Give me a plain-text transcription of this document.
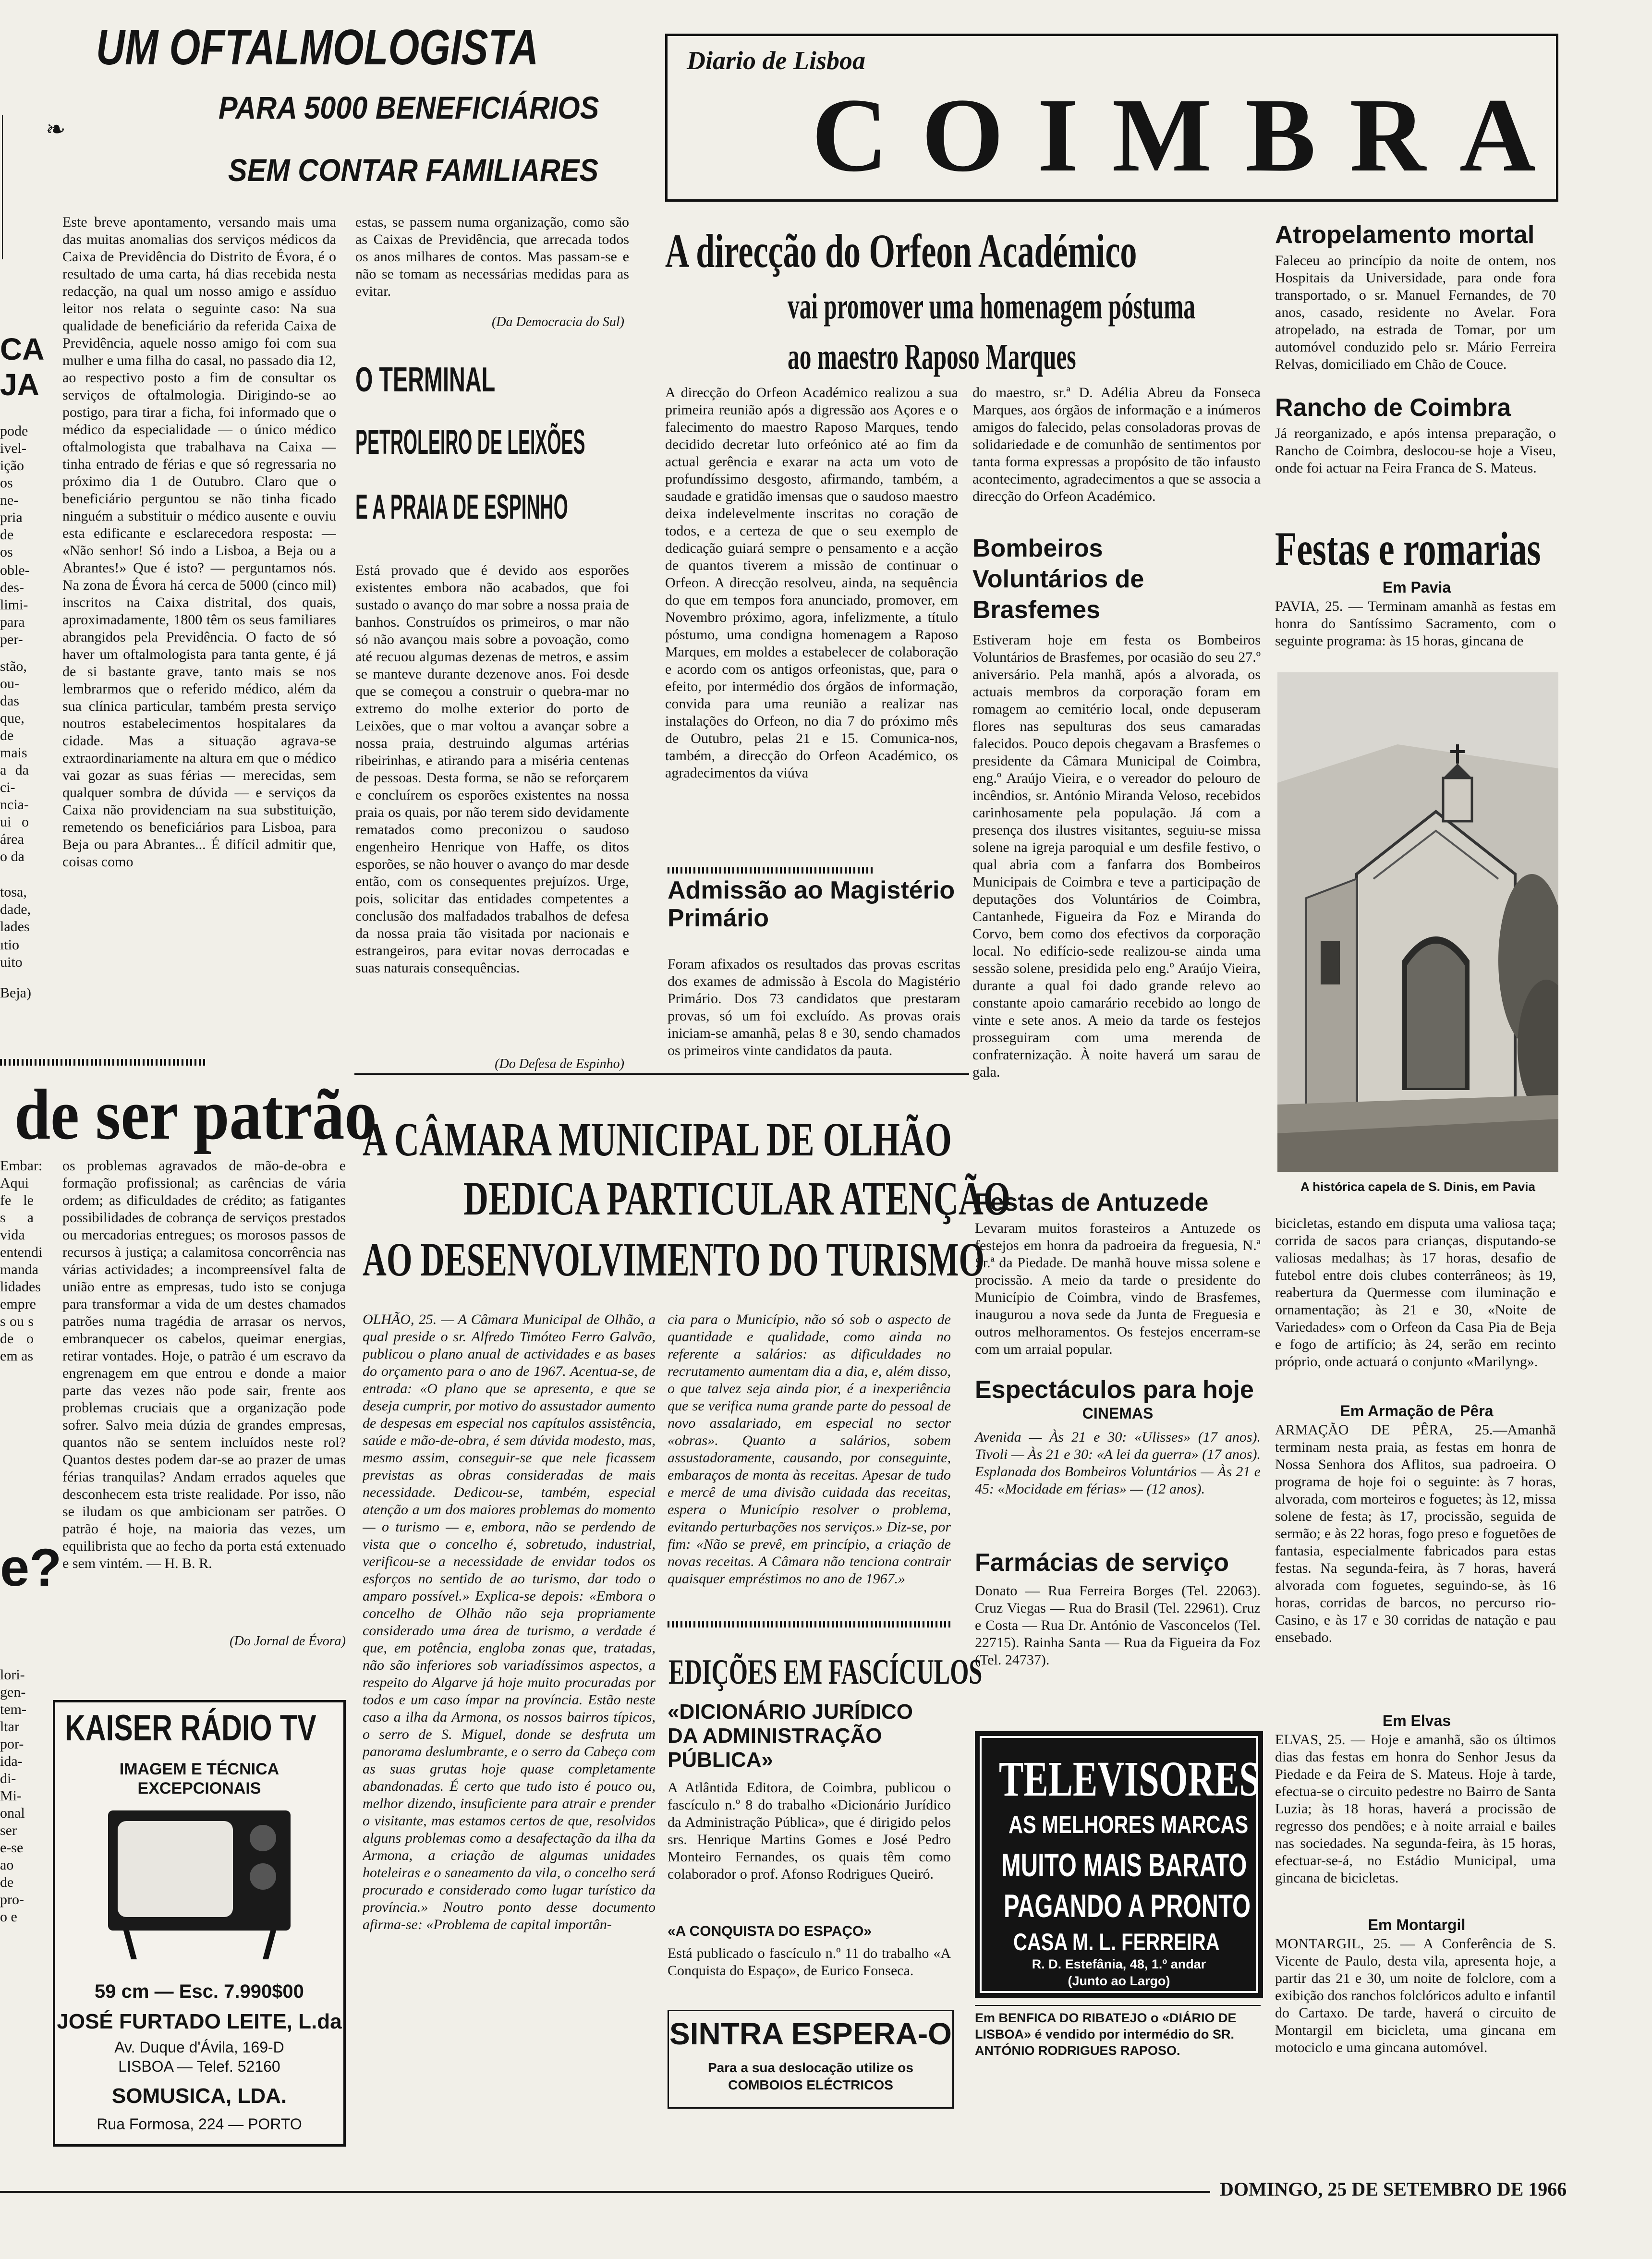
CA JA
pode ivel- ição os ne- pria de os
oble- des- limi- para per-
stão, ou- das que, de
mais a da ci- ncia- ui o área o da
tosa, dade, lades
ıtio uito
Beja)
e?
lori- gen- tem- ltar por- ida- di- Mi- onal ser e-se ao de pro- o e
UM OFTALMOLOGISTA
PARA 5000 BENEFICIÁRIOS
SEM CONTAR FAMILIARES
❧
Este breve apontamento, versando mais uma das muitas anomalias dos serviços médicos da Caixa de Previdência do Distrito de Évora, é o resultado de uma carta, há dias recebida nesta redacção, na qual um nosso amigo e assíduo leitor nos relata o seguinte caso: Na sua qualidade de beneficiário da referida Caixa de Previdência, aquele nosso amigo foi com sua mulher e uma filha do casal, no passado dia 12, ao respectivo posto a fim de consultar os serviços de oftalmologia. Dirigindo-se ao postigo, para tirar a ficha, foi informado que o médico da especialidade — o único médico oftalmologista que trabalhava na Caixa — tinha entrado de férias e que só regressaria no próximo dia 1 de Outubro. Claro que o beneficiário perguntou se não tinha ficado ninguém a substituir o médico ausente e ouviu esta edificante e esclarecedora resposta: — «Não senhor! Só indo a Lisboa, a Beja ou a Abrantes!» Que é isto? — perguntamos nós. Na zona de Évora há cerca de 5000 (cinco mil) inscritos na Caixa distrital, dos quais, aproximadamente, 1800 têm os seus familiares abrangidos pela Previdência. O facto de só haver um oftalmologista para tanta gente, é já de si bastante grave, tanto mais se nos lembrarmos que o referido médico, além da sua clínica particular, também presta serviço noutros estabelecimentos hospitalares da cidade. Mas a situação agrava-se extraordinariamente na altura em que o médico vai gozar as suas férias — merecidas, sem qualquer sombra de dúvida — e serviços da Caixa não providenciam na sua substituição, remetendo os beneficiários para Lisboa, para Beja ou para Abrantes... É difícil admitir que, coisas como
estas, se passem numa organização, como são as Caixas de Previdência, que arrecada todos os anos milhares de contos. Mas passam-se e não se tomam as necessárias medidas para as evitar.
(Da Democracia do Sul)
O TERMINAL
PETROLEIRO DE LEIXÕES
E A PRAIA DE ESPINHO
Está provado que é devido aos esporões existentes embora não acabados, que foi sustado o avanço do mar sobre a nossa praia de banhos. Construídos os primeiros, o mar não só não avançou mais sobre a povoação, como até recuou algumas dezenas de metros, e assim se manteve durante dezenove anos. Foi desde que se começou a construir o quebra-mar no extremo do molhe exterior do porto de Leixões, que o mar voltou a avançar sobre a nossa praia, destruindo algumas artérias ribeirinhas, e atirando para a miséria centenas de pessoas. Desta forma, se não se reforçarem e concluírem os esporões existentes na nossa praia os quais, por não terem sido devidamente rematados como preconizou o saudoso engenheiro Henrique von Haffe, os ditos esporões, se não houver o avanço do mar desde então, com os consequentes prejuízos. Urge, pois, solicitar das entidades competentes a conclusão dos malfadados trabalhos de defesa da nossa praia tão visitada por nacionais e estrangeiros, para evitar novas derrocadas e suas naturais consequências.
(Do Defesa de Espinho)
de ser patrão
Embar: Aqui fe le s a vida entendi manda lidades empre s ou s de o em as
os problemas agravados de mão-de-obra e formação profissional; as carências de vária ordem; as dificuldades de crédito; as fatigantes possibilidades de cobrança de serviços prestados ou mercadorias entregues; os morosos passos de recursos à justiça; a calamitosa concorrência nas várias actividades; a incompreensível falta de união entre as empresas, tudo isto se conjuga para transformar a vida de um destes chamados patrões numa tragédia de arrasar os nervos, embranquecer os cabelos, queimar energias, retirar vontades. Hoje, o patrão é um escravo da engrenagem em que entrou e donde a maior parte das vezes não pode sair, frente aos problemas cruciais que a organização pode sofrer. Salvo meia dúzia de grandes empresas, quantos não se sentem incluídos neste rol? Quantos destes podem dar-se ao prazer de umas férias tranquilas? Andam errados aqueles que desconhecem esta triste realidade. Por isso, não se iludam os que ambicionam ser patrões. O patrão é hoje, na maioria das vezes, um equilibrista que ao fecho da porta está extenuado e sem vintém. — H. B. R.
(Do Jornal de Évora)
KAISER RÁDIO TV
IMAGEM E TÉCNICA
EXCEPCIONAIS
59 cm — Esc. 7.990$00
JOSÉ FURTADO LEITE, L.da
Av. Duque d'Ávila, 169-D
LISBOA — Telef. 52160
SOMUSICA, LDA.
Rua Formosa, 224 — PORTO
A CÂMARA MUNICIPAL DE OLHÃO
DEDICA PARTICULAR ATENÇÃO
AO DESENVOLVIMENTO DO TURISMO
OLHÃO, 25. — A Câmara Municipal de Olhão, a qual preside o sr. Alfredo Timóteo Ferro Galvão, publicou o plano anual de actividades e as bases do orçamento para o ano de 1967. Acentua-se, de entrada: «O plano que se apresenta, e que se deseja cumprir, por motivo do assustador aumento de despesas em especial nos capítulos assistência, saúde e mão-de-obra, é sem dúvida modesto, mas, mesmo assim, conseguir-se que nele ficassem previstas as obras consideradas de mais necessidade. Dedicou-se, também, especial atenção a um dos maiores problemas do momento — o turismo — e, embora, não se perdendo de vista que o concelho é, sobretudo, industrial, verificou-se a necessidade de envidar todos os esforços no sentido de ao turismo, dar todo o amparo possível.» Explica-se depois: «Embora o concelho de Olhão não seja propriamente considerado uma área de turismo, a verdade é que, em potência, engloba zonas que, tratadas, não são inferiores sob variadíssimos aspectos, a respeito do Algarve já hoje muito procuradas por todos e um caso ímpar na província. Estão neste caso a ilha da Armona, os nossos bairros típicos, o serro de S. Miguel, donde se desfruta um panorama deslumbrante, e o serro da Cabeça com as suas grutas hoje quase completamente abandonadas. É certo que tudo isto é pouco ou, melhor dizendo, insuficiente para atrair e prender o visitante, mas estamos certos de que, resolvidos alguns problemas como a desafectação da ilha da Armona, a criação de algumas unidades hoteleiras e o saneamento da vila, o concelho será procurado e considerado como lugar turístico da província.» Noutro ponto desse documento afirma-se: «Problema de capital importân-
cia para o Município, não só sob o aspecto de quantidade e qualidade, como ainda no referente a salários: as dificuldades no recrutamento aumentam dia a dia, e, além disso, o que talvez seja ainda pior, é a inexperiência que se verifica numa grande parte do pessoal de novo assalariado, em especial no sector «obras». Quanto a salários, sobem assustadoramente, causando, por conseguinte, embaraços de monta às receitas. Apesar de tudo e mercê de uma divisão cuidada das receitas, espera o Município resolver o problema, evitando perturbações nos serviços.» Diz-se, por fim: «Não se prevê, em princípio, a criação de novas receitas. A Câmara não tenciona contrair quaisquer empréstimos no ano de 1967.»
EDIÇÕES EM FASCÍCULOS
«DICIONÁRIO JURÍDICO DA ADMINISTRAÇÃO PÚBLICA»
A Atlântida Editora, de Coimbra, publicou o fascículo n.º 8 do trabalho «Dicionário Jurídico da Administração Pública», que é dirigido pelos srs. Henrique Martins Gomes e José Pedro Monteiro Fernandes, os quais têm como colaborador o prof. Afonso Rodrigues Queiró.
«A CONQUISTA DO ESPAÇO»
Está publicado o fascículo n.º 11 do trabalho «A Conquista do Espaço», de Eurico Fonseca.
SINTRA ESPERA-O
Para a sua deslocação utilize os COMBOIOS ELÉCTRICOS
Diario de Lisboa
COIMBRA
A direcção do Orfeon Académico
vai promover uma homenagem póstuma
ao maestro Raposo Marques
A direcção do Orfeon Académico realizou a sua primeira reunião após a digressão aos Açores e o falecimento do maestro Raposo Marques, tendo decidido decretar luto orfeónico até ao fim da actual gerência e exarar na acta um voto de profundíssimo desgosto, afirmando, também, a saudade e gratidão imensas que o saudoso maestro deixa indelevelmente inscritas no coração de todos, e a certeza de que o seu exemplo de dedicação guiará sempre o pensamento e a acção de quantos tiverem a missão de continuar o Orfeon. A direcção resolveu, ainda, na sequência do que em tempos fora anunciado, promover, em Novembro próximo, agora, infelizmente, a título póstumo, uma condigna homenagem a Raposo Marques, em moldes a estabelecer de colaboração e acordo com os antigos orfeonistas, que, para o efeito, por intermédio dos órgãos de informação, convida para uma reunião a realizar nas instalações do Orfeon, no dia 7 do próximo mês de Outubro, pelas 21 e 15. Comunica-nos, também, a direcção do Orfeon Académico, os agradecimentos da viúva
do maestro, sr.ª D. Adélia Abreu da Fonseca Marques, aos órgãos de informação e a inúmeros amigos do falecido, pelas consoladoras provas de solidariedade e de comunhão de sentimentos por tanta forma expressas a propósito de tão infausto acontecimento, agradecimentos a que se associa a direcção do Orfeon Académico.
Admissão ao Magistério Primário
Foram afixados os resultados das provas escritas dos exames de admissão à Escola do Magistério Primário. Dos 73 candidatos que prestaram provas, só um foi excluído. As provas orais iniciam-se amanhã, pelas 8 e 30, sendo chamados os primeiros vinte candidatos da pauta.
Bombeiros Voluntários de Brasfemes
Estiveram hoje em festa os Bombeiros Voluntários de Brasfemes, por ocasião do seu 27.º aniversário. Pela manhã, após a alvorada, os actuais membros da corporação foram em romagem ao cemitério local, onde depuseram flores nas sepulturas dos seus camaradas falecidos. Pouco depois chegavam a Brasfemes o presidente da Câmara Municipal de Coimbra, eng.º Araújo Vieira, e o vereador do pelouro de incêndios, sr. António Miranda Veloso, recebidos carinhosamente pela população. Já com a presença dos ilustres visitantes, seguiu-se missa solene na igreja paroquial e um desfile festivo, o qual abria com a fanfarra dos Bombeiros Municipais de Coimbra e teve a participação de deputações dos Voluntários de Coimbra, Cantanhede, Figueira da Foz e Miranda do Corvo, bem como dos efectivos da corporação local. No edifício-sede realizou-se ainda uma sessão solene, presidida pelo eng.º Araújo Vieira, durante a qual foi dado grande relevo ao constante apoio camarário recebido ao longo de vinte e sete anos. A meio da tarde os festejos prosseguiram com uma merenda de confraternização. À noite haverá um sarau de gala.
Festas de Antuzede
Levaram muitos forasteiros a Antuzede os festejos em honra da padroeira da freguesia, N.ª Sr.ª da Piedade. De manhã houve missa solene e procissão. A meio da tarde o presidente do Município de Coimbra, vindo de Brasfemes, inaugurou a nova sede da Junta de Freguesia e outros melhoramentos. Os festejos encerram-se com um arraial popular.
Espectáculos para hoje
CINEMAS
Avenida — Às 21 e 30: «Ulisses» (17 anos). Tivoli — Às 21 e 30: «A lei da guerra» (17 anos). Esplanada dos Bombeiros Voluntários — Às 21 e 45: «Mocidade em férias» — (12 anos).
Farmácias de serviço
Donato — Rua Ferreira Borges (Tel. 22063). Cruz Viegas — Rua do Brasil (Tel. 22961). Cruz e Costa — Rua Dr. António de Vasconcelos (Tel. 22715). Rainha Santa — Rua da Figueira da Foz (Tel. 24737).
TELEVISORES
AS MELHORES MARCAS
MUITO MAIS BARATO
PAGANDO A PRONTO
CASA M. L. FERREIRA
R. D. Estefânia, 48, 1.º andar
(Junto ao Largo)
Em BENFICA DO RIBATEJO o «DIÁRIO DE LISBOA» é vendido por intermédio do SR. ANTÓNIO RODRIGUES RAPOSO.
Atropelamento mortal
Faleceu ao princípio da noite de ontem, nos Hospitais da Universidade, para onde fora transportado, o sr. Manuel Fernandes, de 70 anos, casado, residente no Avelar. Fora atropelado, na estrada de Tomar, por um automóvel conduzido pelo sr. Mário Ferreira Relvas, domiciliado em Chão de Couce.
Rancho de Coimbra
Já reorganizado, e após intensa preparação, o Rancho de Coimbra, deslocou-se hoje a Viseu, onde foi actuar na Feira Franca de S. Mateus.
Festas e romarias
Em Pavia
PAVIA, 25. — Terminam amanhã as festas em honra do Santíssimo Sacramento, com o seguinte programa: às 15 horas, gincana de
A histórica capela de S. Dinis, em Pavia
bicicletas, estando em disputa uma valiosa taça; corrida de sacos para crianças, disputando-se valiosas medalhas; às 17 horas, desafio de futebol entre dois clubes conterrâneos; às 19, reabertura da Quermesse com iluminação e ornamentação; às 21 e 30, «Noite de Variedades» com o Orfeon da Casa Pia de Beja e fogo de artifício; às 24, serão em recinto próprio, onde actuará o conjunto «Marilyng».
Em Armação de Pêra
ARMAÇÃO DE PÊRA, 25.—Amanhã terminam nesta praia, as festas em honra de Nossa Senhora dos Aflitos, sua padroeira. O programa de hoje foi o seguinte: às 7 horas, alvorada, com morteiros e foguetes; às 12, missa solene de festa; às 17, procissão, seguida de sermão; e às 22 horas, fogo preso e foguetões de fantasia, especialmente fabricados para estas festas. Na segunda-feira, às 7 horas, haverá alvorada com foguetes, seguindo-se, às 16 horas, corridas de barcos, no percurso rio-Casino, e às 17 e 30 corridas de natação e pau ensebado.
Em Elvas
ELVAS, 25. — Hoje e amanhã, são os últimos dias das festas em honra do Senhor Jesus da Piedade e da Feira de S. Mateus. Hoje à tarde, efectua-se o circuito pedestre no Bairro de Santa Luzia; às 18 horas, haverá a procissão de regresso dos pendões; e à noite arraial e bailes nas sociedades. Na segunda-feira, às 15 horas, efectuar-se-á, no Estádio Municipal, uma gincana de bicicletas.
Em Montargil
MONTARGIL, 25. — A Conferência de S. Vicente de Paulo, desta vila, apresenta hoje, a partir das 21 e 30, um noite de folclore, com a exibição dos ranchos folclóricos adulto e infantil do Cartaxo. De tarde, haverá o circuito de Montargil em bicicleta, uma gincana em motociclo e uma gincana automóvel.
DOMINGO, 25 DE SETEMBRO DE 1966
